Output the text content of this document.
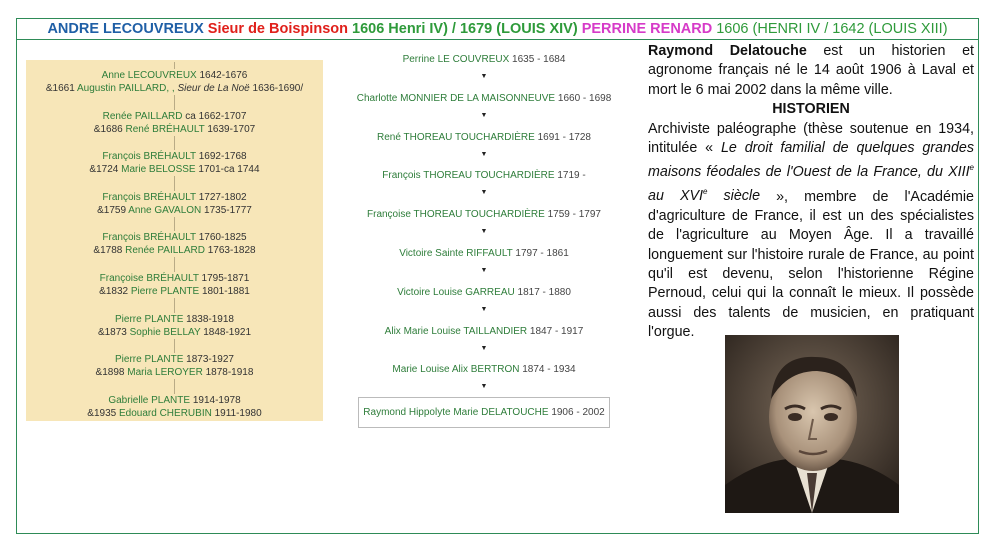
ANDRE LECOUVREUX Sieur de Boispinson 1606 Henri IV) / 1679 (LOUIS XIV) PERRINE RENARD 1606 (HENRI IV / 1642 (LOUIS XIII)
Anne LECOUVREUX 1642-1676
&1661 Augustin PAILLARD, , Sieur de La Noë 1636-1690/
Renée PAILLARD ca 1662-1707
&1686 René BRÉHAULT 1639-1707
François BRÉHAULT 1692-1768
&1724 Marie BELOSSE 1701-ca 1744
François BRÉHAULT 1727-1802
&1759 Anne GAVALON 1735-1777
François BRÉHAULT 1760-1825
&1788 Renée PAILLARD 1763-1828
Françoise BRÉHAULT 1795-1871
&1832 Pierre PLANTE 1801-1881
Pierre PLANTE 1838-1918
&1873 Sophie BELLAY 1848-1921
Pierre PLANTE 1873-1927
&1898 Maria LEROYER 1878-1918
Gabrielle PLANTE 1914-1978
&1935 Edouard CHERUBIN 1911-1980
Perrine LE COUVREUX 1635 - 1684
▼
Charlotte MONNIER DE LA MAISONNEUVE 1660 - 1698
▼
René THOREAU TOUCHARDIÈRE 1691 - 1728
▼
François THOREAU TOUCHARDIÈRE 1719 -
▼
Françoise THOREAU TOUCHARDIÈRE 1759 - 1797
▼
Victoire Sainte RIFFAULT 1797 - 1861
▼
Victoire Louise GARREAU 1817 - 1880
▼
Alix Marie Louise TAILLANDIER 1847 - 1917
▼
Marie Louise Alix BERTRON 1874 - 1934
▼
Raymond Hippolyte Marie DELATOUCHE 1906 - 2002

Raymond Delatouche est un historien et agronome français né le 14 août 1906 à Laval et mort le 6 mai 2002 dans la même ville.

HISTORIEN

Archiviste paléographe (thèse soutenue en 1934, intitulée « Le droit familial de quelques grandes maisons féodales de l'Ouest de la France, du XIIIe au XVIe siècle », membre de l'Académie d'agriculture de France, il est un des spécialistes de l'agriculture au Moyen Âge. Il a travaillé longuement sur l'histoire rurale de France, au point qu'il est devenu, selon l'historienne Régine Pernoud, celui qui la connaît le mieux. Il possède aussi des talents de musicien, en pratiquant l'orgue.
